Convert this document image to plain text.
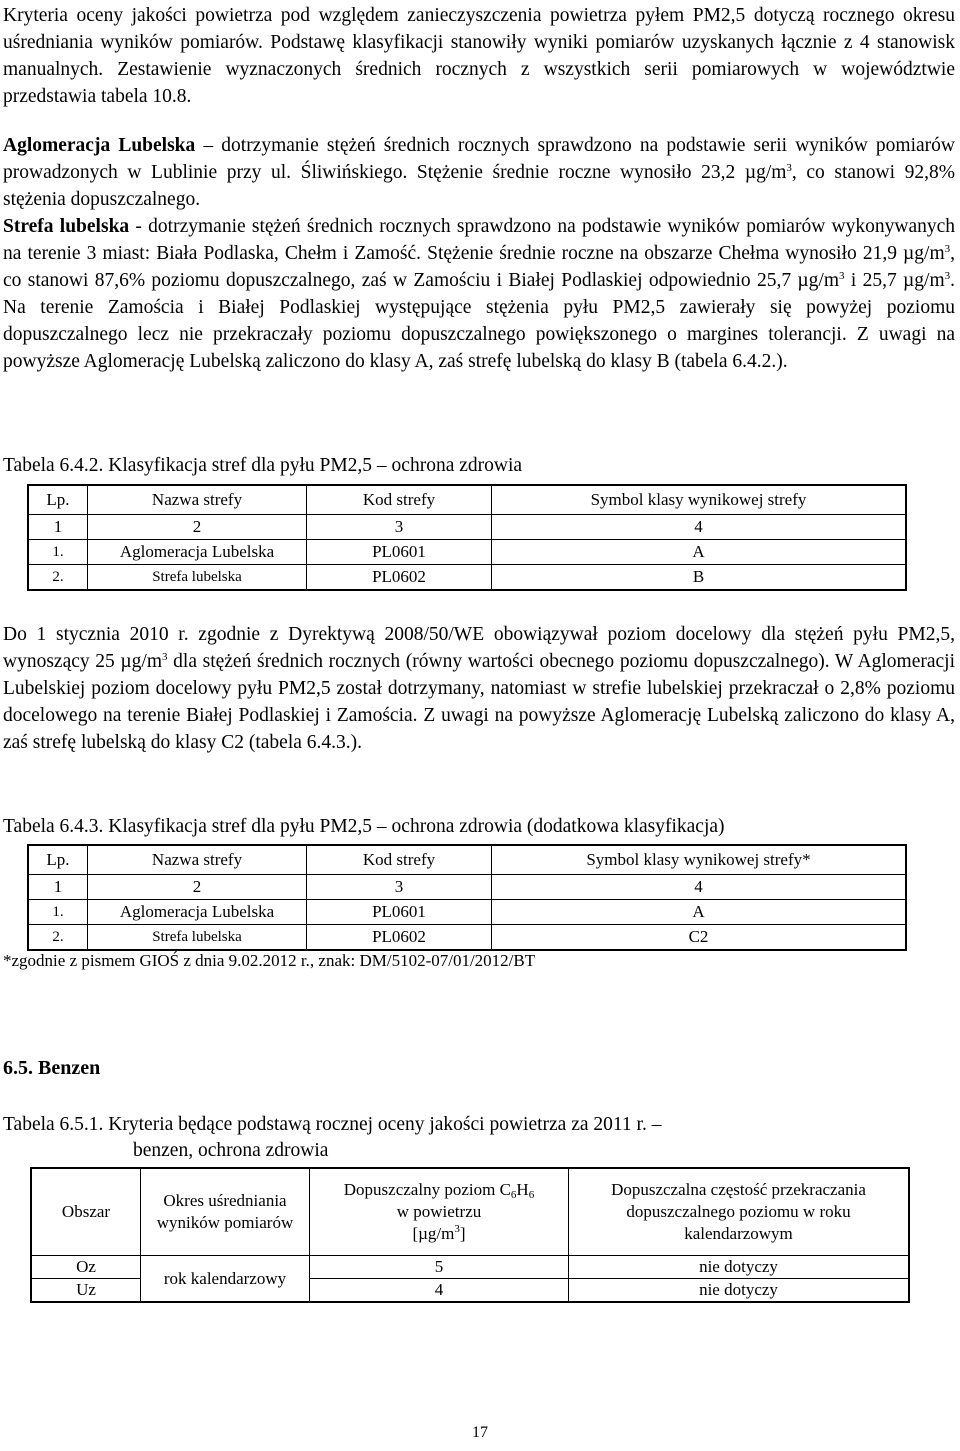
Kryteria oceny jakości powietrza pod względem zanieczyszczenia powietrza pyłem PM2,5 dotyczą rocznego okresu uśredniania wyników pomiarów. Podstawę klasyfikacji stanowiły wyniki pomiarów uzyskanych łącznie z 4 stanowisk manualnych. Zestawienie wyznaczonych średnich rocznych z wszystkich serii pomiarowych w województwie przedstawia tabela 10.8.
Aglomeracja Lubelska – dotrzymanie stężeń średnich rocznych sprawdzono na podstawie serii wyników pomiarów prowadzonych w Lublinie przy ul. Śliwińskiego. Stężenie średnie roczne wynosiło 23,2 $\mu g/m^3$, co stanowi 92,8% stężenia dopuszczalnego.
Strefa lubelska - dotrzymanie stężeń średnich rocznych sprawdzono na podstawie wyników pomiarów wykonywanych na terenie 3 miast: Biała Podlaska, Chełm i Zamość. Stężenie średnie roczne na obszarze Chełma wynosiło 21,9 $\mu g/m^3$, co stanowi 87,6% poziomu dopuszczalnego, zaś w Zamościu i Białej Podlaskiej odpowiednio 25,7 $\mu g/m^3$ i 25,7 $\mu g/m^3$. Na terenie Zamościa i Białej Podlaskiej występujące stężenia pyłu PM2,5 zawierały się powyżej poziomu dopuszczalnego lecz nie przekraczały poziomu dopuszczalnego powiększonego o margines tolerancji. Z uwagi na powyższe Aglomerację Lubelską zaliczono do klasy A, zaś strefę lubelską do klasy B (tabela 6.4.2.).
Tabela 6.4.2. Klasyfikacja stref dla pyłu PM2,5 – ochrona zdrowia
Lp.	Nazwa strefy	Kod strefy	Symbol klasy wynikowej strefy
1	2	3	4
1.	Aglomeracja Lubelska	PL0601	A
2.	Strefa lubelska	PL0602	B
Do 1 stycznia 2010 r. zgodnie z Dyrektywą 2008/50/WE obowiązywał poziom docelowy dla stężeń pyłu PM2,5, wynoszący 25 $\mu g/m^3$ dla stężeń średnich rocznych (równy wartości obecnego poziomu dopuszczalnego). W Aglomeracji Lubelskiej poziom docelowy pyłu PM2,5 został dotrzymany, natomiast w strefie lubelskiej przekraczał o 2,8% poziomu docelowego na terenie Białej Podlaskiej i Zamościa. Z uwagi na powyższe Aglomerację Lubelską zaliczono do klasy A, zaś strefę lubelską do klasy C2 (tabela 6.4.3.).
Tabela 6.4.3. Klasyfikacja stref dla pyłu PM2,5 – ochrona zdrowia (dodatkowa klasyfikacja)
Lp.	Nazwa strefy	Kod strefy	Symbol klasy wynikowej strefy*
1	2	3	4
1.	Aglomeracja Lubelska	PL0601	A
2.	Strefa lubelska	PL0602	C2
*zgodnie z pismem GIOŚ z dnia 9.02.2012 r., znak: DM/5102-07/01/2012/BT
6.5. Benzen
Tabela 6.5.1. Kryteria będące podstawą rocznej oceny jakości powietrza za 2011 r. –
benzen, ochrona zdrowia
Obszar	Okres uśredniania wyników pomiarów	Dopuszczalny poziom $C_6H_6$
w powietrzu
$[\mu g/m^3]$	Dopuszczalna częstość przekraczania dopuszczalnego poziomu w roku kalendarzowym
Oz	rok kalendarzowy	5	nie dotyczy
Uz		4	nie dotyczy
17
